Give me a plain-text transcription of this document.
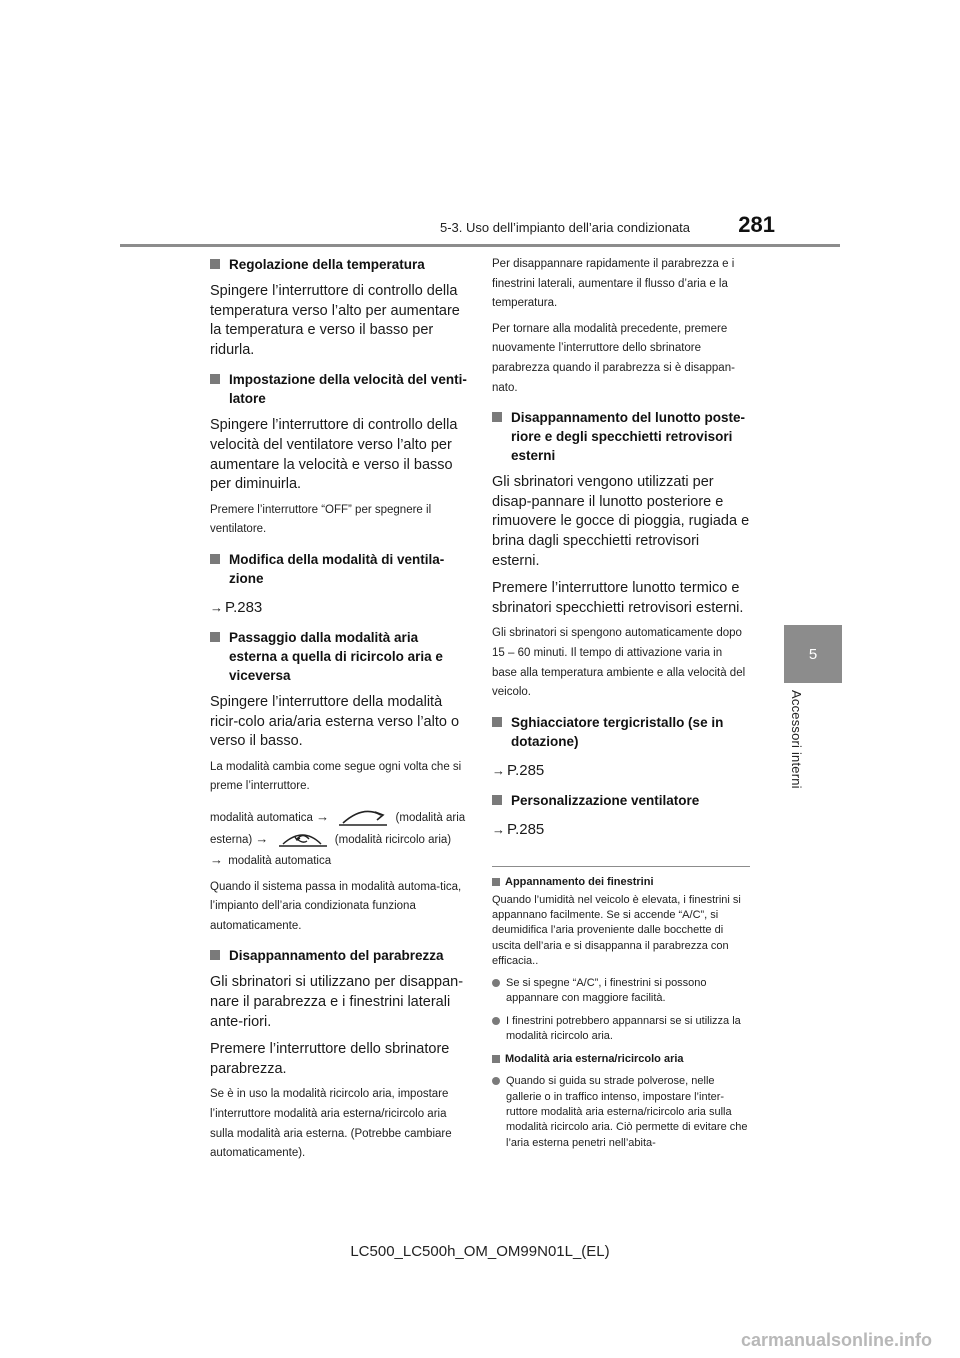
5-3. Uso dell’impianto dell’aria condizionata 281
5
Accessori interni
Regolazione della temperatura
Spingere l’interruttore di controllo della temperatura verso l’alto per aumentare la temperatura e verso il basso per ridurla.
Impostazione della velocità del venti-latore
Spingere l’interruttore di controllo della velocità del ventilatore verso l’alto per aumentare la velocità e verso il basso per diminuirla.
Premere l’interruttore “OFF” per spegnere il ventilatore.
Modifica della modalità di ventila-zione
→ P.283
Passaggio dalla modalità aria esterna a quella di ricircolo aria e viceversa
Spingere l’interruttore della modalità ricir-colo aria/aria esterna verso l’alto o verso il basso.
La modalità cambia come segue ogni volta che si preme l’interruttore.
modalità automatica →	(modalità aria esterna) →	(modalità ricircolo aria) → modalità automatica
Quando il sistema passa in modalità automa-tica, l’impianto dell’aria condizionata funziona automaticamente.
Disappannamento del parabrezza
Gli sbrinatori si utilizzano per disappan-nare il parabrezza e i finestrini laterali ante-riori.
Premere l’interruttore dello sbrinatore parabrezza.
Se è in uso la modalità ricircolo aria, impostare l’interruttore modalità aria esterna/ricircolo aria sulla modalità aria esterna. (Potrebbe cambiare automaticamente).
Per disappannare rapidamente il parabrezza e i finestrini laterali, aumentare il flusso d’aria e la temperatura.
Per tornare alla modalità precedente, premere nuovamente l’interruttore dello sbrinatore parabrezza quando il parabrezza si è disappan-nato.
Disappannamento del lunotto poste-riore e degli specchietti retrovisori esterni
Gli sbrinatori vengono utilizzati per disap-pannare il lunotto posteriore e rimuovere le gocce di pioggia, rugiada e brina dagli specchietti retrovisori esterni.
Premere l’interruttore lunotto termico e sbrinatori specchietti retrovisori esterni.
Gli sbrinatori si spengono automaticamente dopo 15 – 60 minuti. Il tempo di attivazione varia in base alla temperatura ambiente e alla velocità del veicolo.
Sghiacciatore tergicristallo (se in dotazione)
→ P.285
Personalizzazione ventilatore
→ P.285
Appannamento dei finestrini
Quando l’umidità nel veicolo è elevata, i finestrini si appannano facilmente. Se si accende “A/C”, si deumidifica l’aria proveniente dalle bocchette di uscita dell’aria e si disappanna il parabrezza con efficacia..
Se si spegne “A/C”, i finestrini si possono appannare con maggiore facilità.
I finestrini potrebbero appannarsi se si utilizza la modalità ricircolo aria.
Modalità aria esterna/ricircolo aria
Quando si guida su strade polverose, nelle gallerie o in traffico intenso, impostare l’inter-ruttore modalità aria esterna/ricircolo aria sulla modalità ricircolo aria. Ciò permette di evitare che l’aria esterna penetri nell’abita-
LC500_LC500h_OM_OM99N01L_(EL)
carmanualsonline.info
